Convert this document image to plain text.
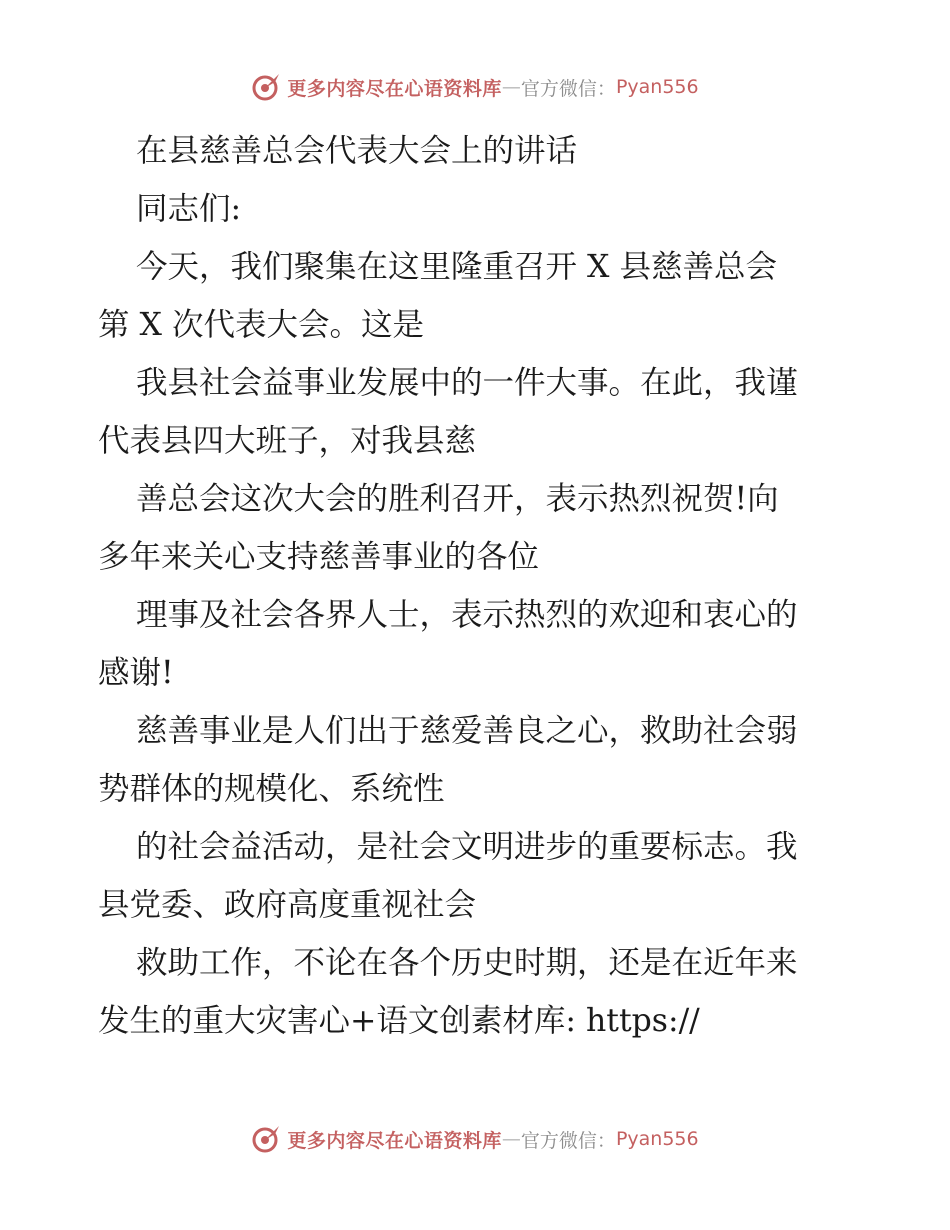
更多内容尽在心语资料库 — 官方微信： Pyan556

在县慈善总会代表大会上的讲话

同志们:

今天，我们聚集在这里隆重召开 X 县慈善总会

第 X 次代表大会。这是

我县社会益事业发展中的一件大事。在此，我谨

代表县四大班子，对我县慈

善总会这次大会的胜利召开，表示热烈祝贺!向

多年来关心支持慈善事业的各位

理事及社会各界人士，表示热烈的欢迎和衷心的

感谢!

慈善事业是人们出于慈爱善良之心，救助社会弱

势群体的规模化、系统性

的社会益活动，是社会文明进步的重要标志。我

县党委、政府高度重视社会

救助工作，不论在各个历史时期，还是在近年来

发生的重大灾害心+语文创素材库: https://

更多内容尽在心语资料库 — 官方微信： Pyan556
